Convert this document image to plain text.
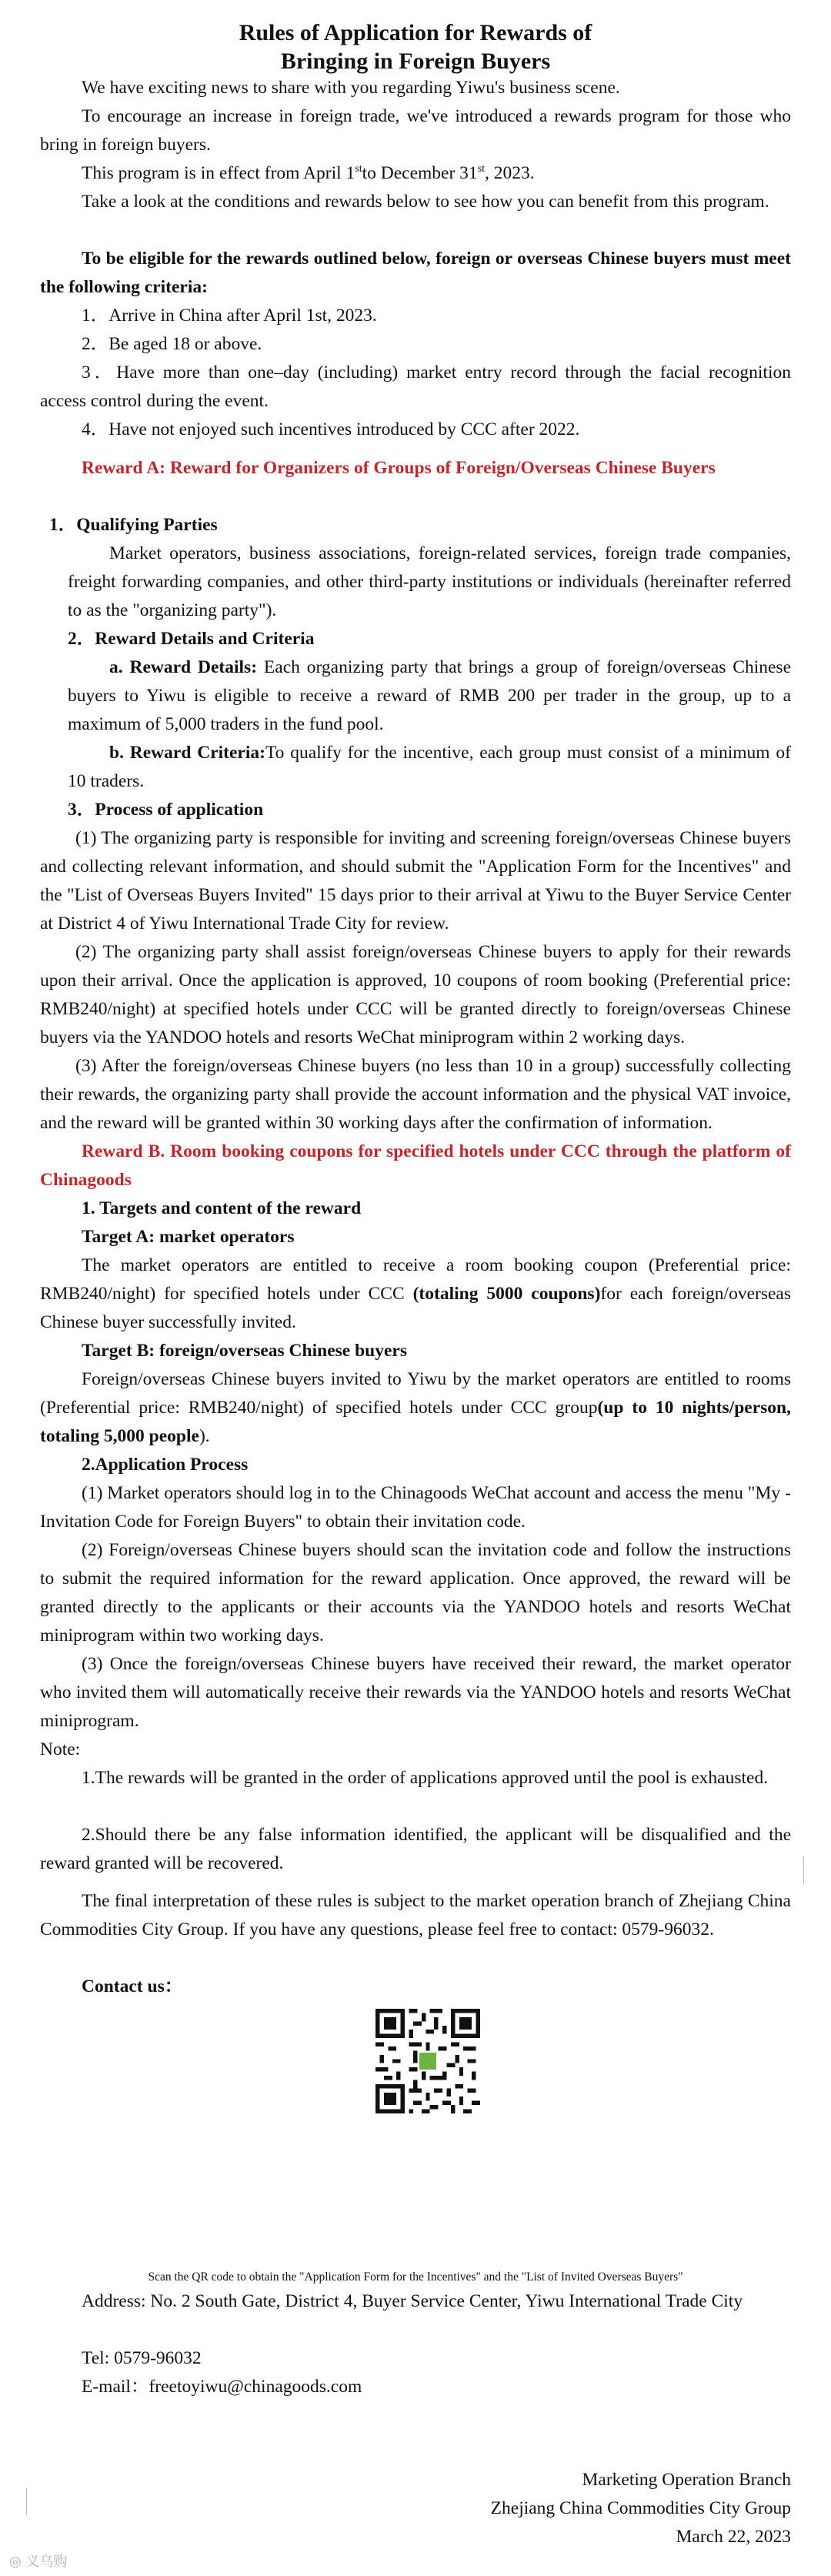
Rules of Application for Rewards of
Bringing in Foreign Buyers

We have exciting news to share with you regarding Yiwu's business scene.

To encourage an increase in foreign trade, we've introduced a rewards program for those who bring in foreign buyers.

This program is in effect from April 1stto December 31st, 2023.

Take a look at the conditions and rewards below to see how you can benefit from this program.

To be eligible for the rewards outlined below, foreign or overseas Chinese buyers must meet the following criteria:

1．Arrive in China after April 1st, 2023.

2．Be aged 18 or above.

3．Have more than one–day (including) market entry record through the facial recognition access control during the event.

4．Have not enjoyed such incentives introduced by CCC after 2022.

Reward A: Reward for Organizers of Groups of Foreign/Overseas Chinese Buyers

1．Qualifying Parties

Market operators, business associations, foreign-related services, foreign trade companies, freight forwarding companies, and other third-party institutions or individuals (hereinafter referred to as the "organizing party").

2．Reward Details and Criteria

a. Reward Details: Each organizing party that brings a group of foreign/overseas Chinese buyers to Yiwu is eligible to receive a reward of RMB 200 per trader in the group, up to a maximum of 5,000 traders in the fund pool.

b. Reward Criteria:To qualify for the incentive, each group must consist of a minimum of 10 traders.

3．Process of application

(1) The organizing party is responsible for inviting and screening foreign/overseas Chinese buyers and collecting relevant information, and should submit the "Application Form for the Incentives" and the "List of Overseas Buyers Invited" 15 days prior to their arrival at Yiwu to the Buyer Service Center at District 4 of Yiwu International Trade City for review.

(2) The organizing party shall assist foreign/overseas Chinese buyers to apply for their rewards upon their arrival. Once the application is approved, 10 coupons of room booking (Preferential price: RMB240/night) at specified hotels under CCC will be granted directly to foreign/overseas Chinese buyers via the YANDOO hotels and resorts WeChat miniprogram within 2 working days.

(3) After the foreign/overseas Chinese buyers (no less than 10 in a group) successfully collecting their rewards, the organizing party shall provide the account information and the physical VAT invoice, and the reward will be granted within 30 working days after the confirmation of information.

Reward B. Room booking coupons for specified hotels under CCC through the platform of Chinagoods

1. Targets and content of the reward

Target A: market operators

The market operators are entitled to receive a room booking coupon (Preferential price: RMB240/night) for specified hotels under CCC (totaling 5000 coupons)for each foreign/overseas Chinese buyer successfully invited.

Target B: foreign/overseas Chinese buyers

Foreign/overseas Chinese buyers invited to Yiwu by the market operators are entitled to rooms (Preferential price: RMB240/night) of specified hotels under CCC group(up to 10 nights/person, totaling 5,000 people).

2.Application Process

(1) Market operators should log in to the Chinagoods WeChat account and access the menu "My - Invitation Code for Foreign Buyers" to obtain their invitation code.

(2) Foreign/overseas Chinese buyers should scan the invitation code and follow the instructions to submit the required information for the reward application. Once approved, the reward will be granted directly to the applicants or their accounts via the YANDOO hotels and resorts WeChat miniprogram within two working days.

(3) Once the foreign/overseas Chinese buyers have received their reward, the market operator who invited them will automatically receive their rewards via the YANDOO hotels and resorts WeChat miniprogram.

Note:

1.The rewards will be granted in the order of applications approved until the pool is exhausted.

2.Should there be any false information identified, the applicant will be disqualified and the reward granted will be recovered.

The final interpretation of these rules is subject to the market operation branch of Zhejiang China Commodities City Group. If you have any questions, please feel free to contact: 0579-96032.

Contact us：

Scan the QR code to obtain the "Application Form for the Incentives" and the "List of Invited Overseas Buyers"

Address: No. 2 South Gate, District 4, Buyer Service Center, Yiwu International Trade City

Tel: 0579-96032

E-mail：freetoyiwu@chinagoods.com

Marketing Operation Branch

Zhejiang China Commodities City Group

March 22, 2023

◎ 义乌购
